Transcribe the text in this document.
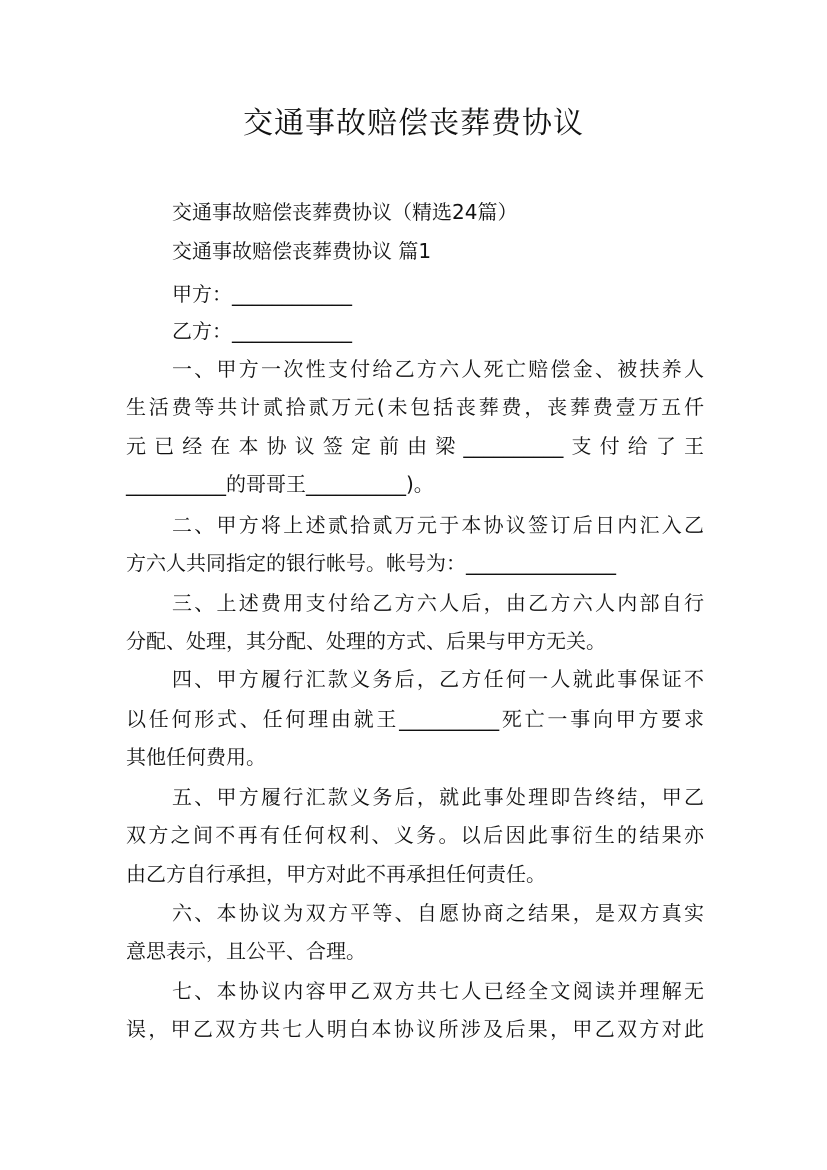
交通事故赔偿丧葬费协议
交通事故赔偿丧葬费协议（精选24篇）
交通事故赔偿丧葬费协议 篇1
甲方：____________
乙方：____________
一、甲方一次性支付给乙方六人死亡赔偿金、被扶养人
生活费等共计贰拾贰万元(未包括丧葬费，丧葬费壹万五仟
元已经在本协议签定前由梁__________支付给了王
__________的哥哥王__________)。
二、甲方将上述贰拾贰万元于本协议签订后日内汇入乙
方六人共同指定的银行帐号。帐号为：_______________
三、上述费用支付给乙方六人后，由乙方六人内部自行
分配、处理，其分配、处理的方式、后果与甲方无关。
四、甲方履行汇款义务后，乙方任何一人就此事保证不
以任何形式、任何理由就王__________死亡一事向甲方要求
其他任何费用。
五、甲方履行汇款义务后，就此事处理即告终结，甲乙
双方之间不再有任何权利、义务。以后因此事衍生的结果亦
由乙方自行承担，甲方对此不再承担任何责任。
六、本协议为双方平等、自愿协商之结果，是双方真实
意思表示，且公平、合理。
七、本协议内容甲乙双方共七人已经全文阅读并理解无
误，甲乙双方共七人明白本协议所涉及后果，甲乙双方对此
